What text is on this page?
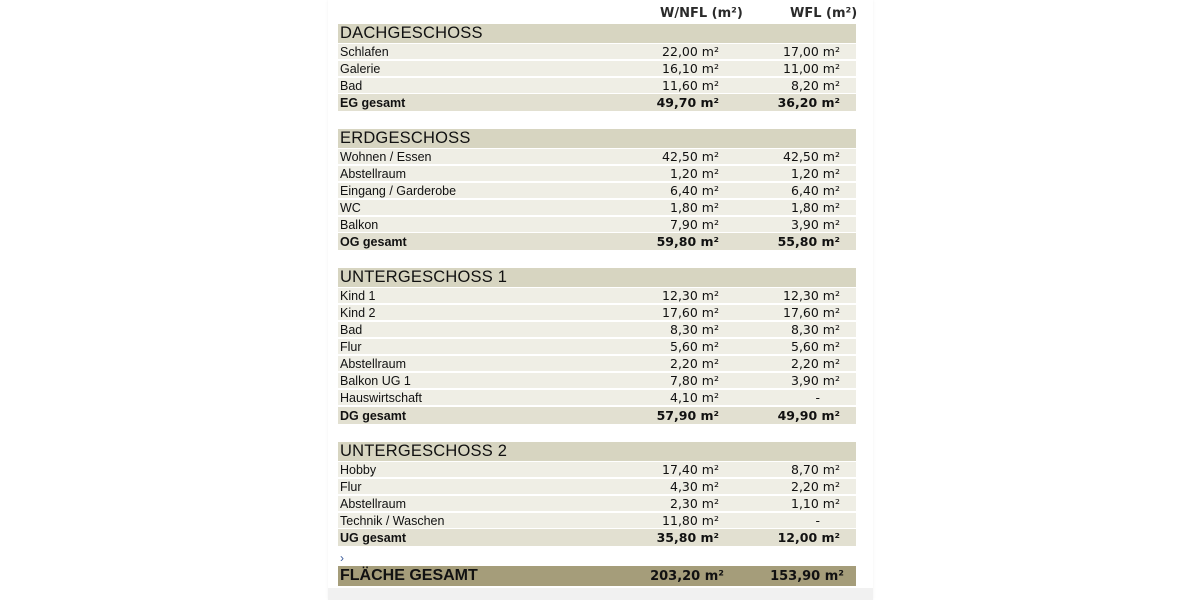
W/NFL (m²)	WFL (m²)
DACHGESCHOSS
Schlafen	22,00 m²	17,00 m²
Galerie	16,10 m²	11,00 m²
Bad	11,60 m²	8,20 m²
EG gesamt	49,70 m²	36,20 m²
ERDGESCHOSS
Wohnen / Essen	42,50 m²	42,50 m²
Abstellraum	1,20 m²	1,20 m²
Eingang / Garderobe	6,40 m²	6,40 m²
WC	1,80 m²	1,80 m²
Balkon	7,90 m²	3,90 m²
OG gesamt	59,80 m²	55,80 m²
UNTERGESCHOSS 1
Kind 1	12,30 m²	12,30 m²
Kind 2	17,60 m²	17,60 m²
Bad	8,30 m²	8,30 m²
Flur	5,60 m²	5,60 m²
Abstellraum	2,20 m²	2,20 m²
Balkon UG 1	7,80 m²	3,90 m²
Hauswirtschaft	4,10 m²	-
DG gesamt	57,90 m²	49,90 m²
UNTERGESCHOSS 2
Hobby	17,40 m²	8,70 m²
Flur	4,30 m²	2,20 m²
Abstellraum	2,30 m²	1,10 m²
Technik / Waschen	11,80 m²	-
UG gesamt	35,80 m²	12,00 m²
›
FLÄCHE GESAMT	203,20 m²	153,90 m²
